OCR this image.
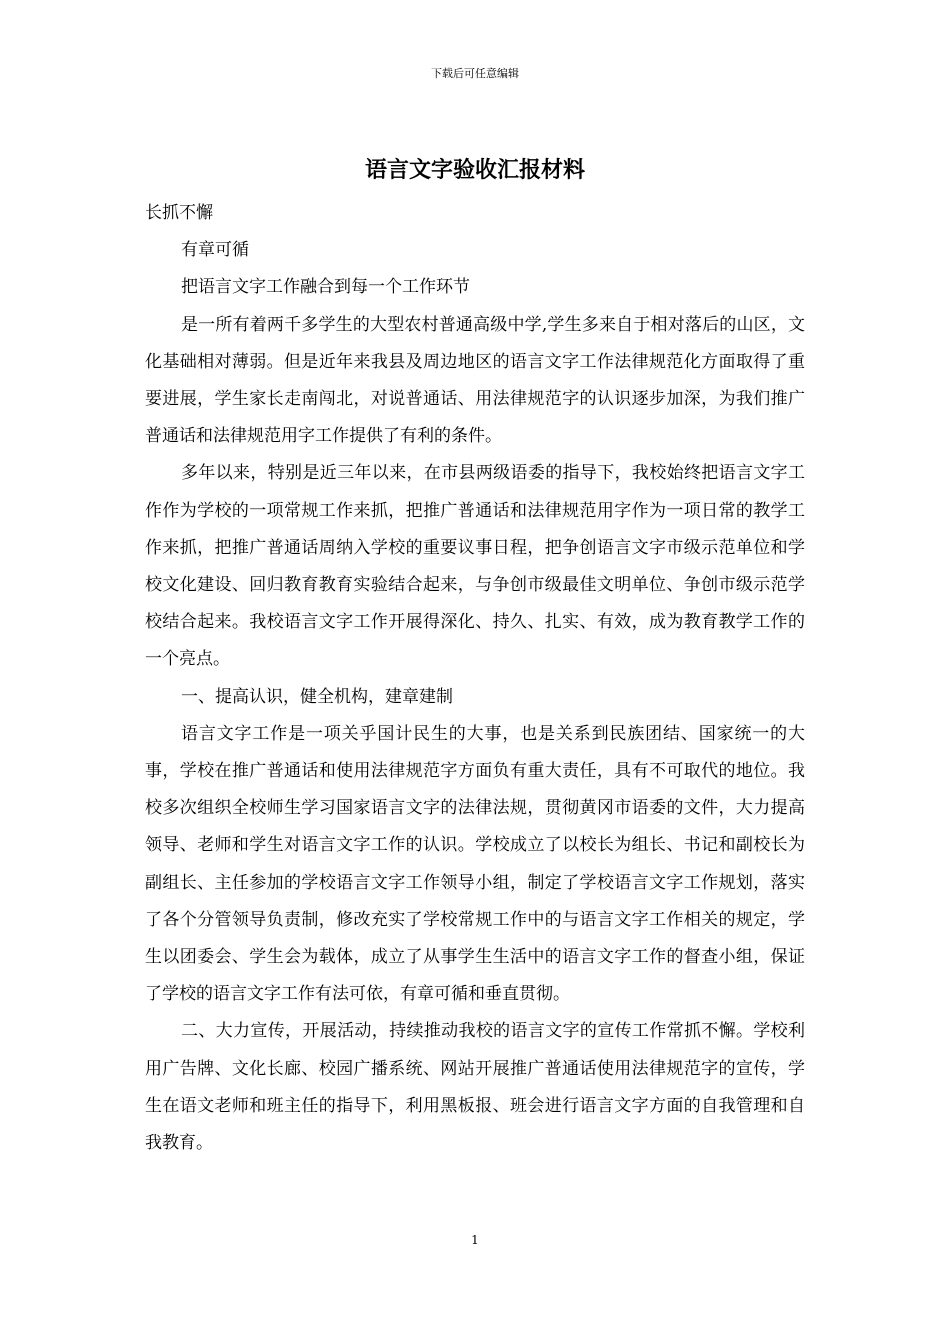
下载后可任意编辑
语言文字验收汇报材料

长抓不懈

有章可循

把语言文字工作融合到每一个工作环节

是一所有着两千多学生的大型农村普通高级中学,学生多来自于相对落后的山区，文化基础相对薄弱。但是近年来我县及周边地区的语言文字工作法律规范化方面取得了重要进展，学生家长走南闯北，对说普通话、用法律规范字的认识逐步加深，为我们推广普通话和法律规范用字工作提供了有利的条件。

多年以来，特别是近三年以来，在市县两级语委的指导下，我校始终把语言文字工作作为学校的一项常规工作来抓，把推广普通话和法律规范用字作为一项日常的教学工作来抓，把推广普通话周纳入学校的重要议事日程，把争创语言文字市级示范单位和学校文化建设、回归教育教育实验结合起来，与争创市级最佳文明单位、争创市级示范学校结合起来。我校语言文字工作开展得深化、持久、扎实、有效，成为教育教学工作的一个亮点。

一、提高认识，健全机构，建章建制

语言文字工作是一项关乎国计民生的大事，也是关系到民族团结、国家统一的大事，学校在推广普通话和使用法律规范字方面负有重大责任，具有不可取代的地位。我校多次组织全校师生学习国家语言文字的法律法规，贯彻黄冈市语委的文件，大力提高领导、老师和学生对语言文字工作的认识。学校成立了以校长为组长、书记和副校长为副组长、主任参加的学校语言文字工作领导小组，制定了学校语言文字工作规划，落实了各个分管领导负责制，修改充实了学校常规工作中的与语言文字工作相关的规定，学生以团委会、学生会为载体，成立了从事学生生活中的语言文字工作的督查小组，保证了学校的语言文字工作有法可依，有章可循和垂直贯彻。

二、大力宣传，开展活动，持续推动我校的语言文字的宣传工作常抓不懈。学校利用广告牌、文化长廊、校园广播系统、网站开展推广普通话使用法律规范字的宣传，学生在语文老师和班主任的指导下，利用黑板报、班会进行语言文字方面的自我管理和自我教育。

1
